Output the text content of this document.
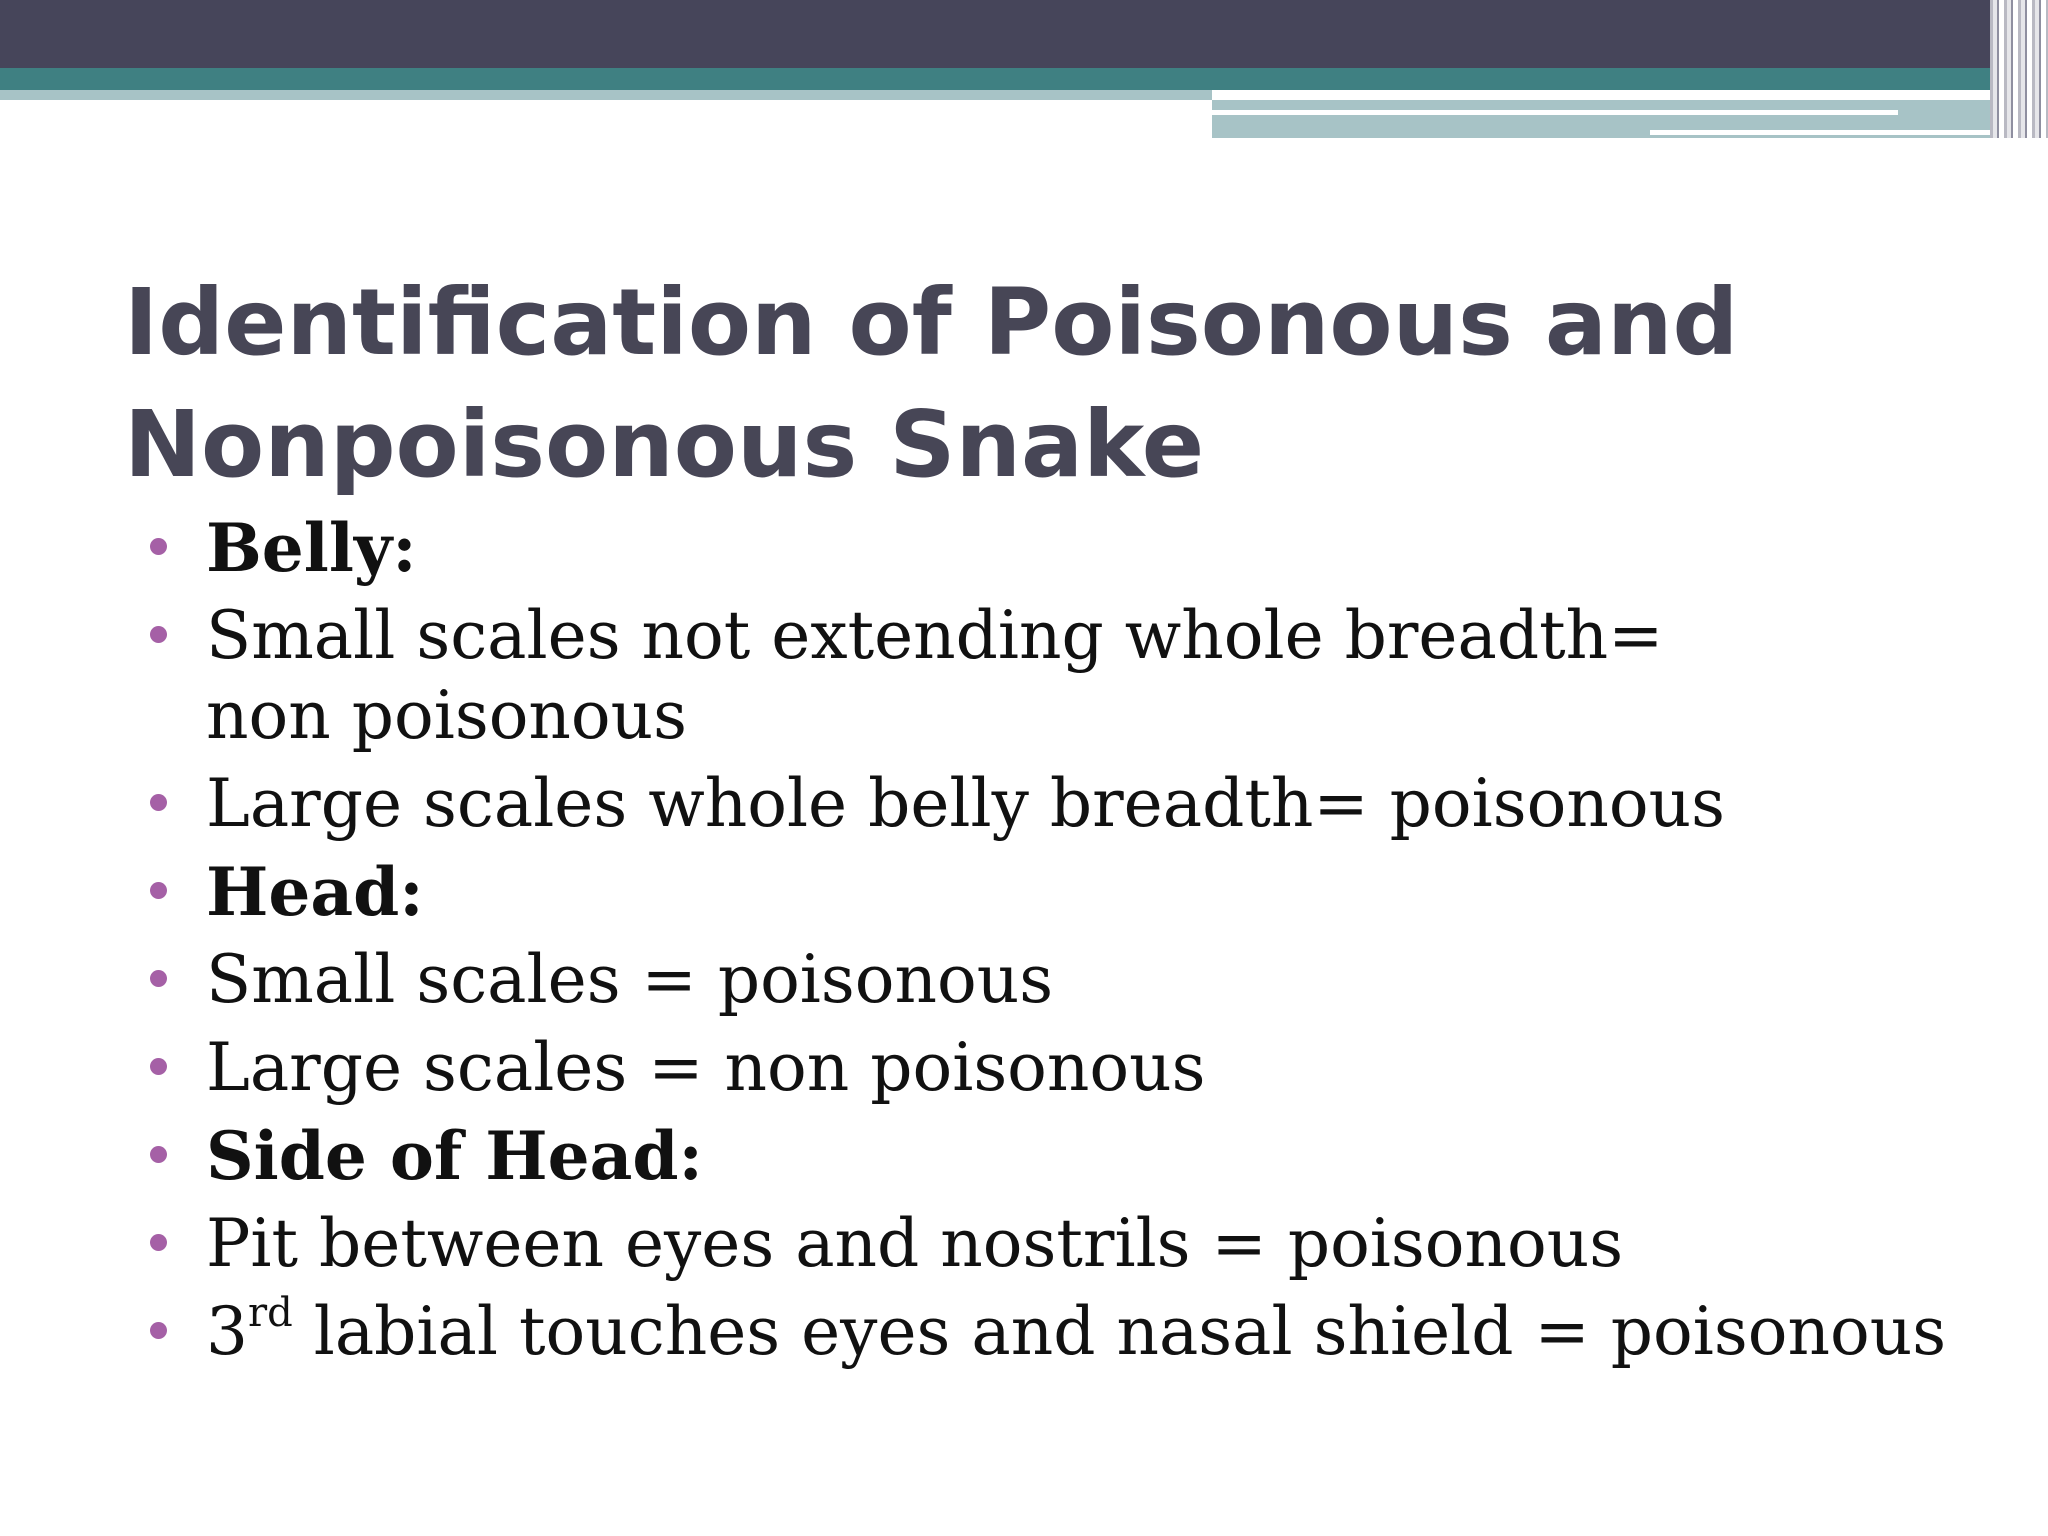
Identification of Poisonous and
Nonpoisonous Snake
Belly:
Small scales not extending whole breadth= non poisonous
Large scales whole belly breadth= poisonous
Head:
Small scales = poisonous
Large scales = non poisonous
Side of Head:
Pit between eyes and nostrils = poisonous
3rd labial touches eyes and nasal shield = poisonous
